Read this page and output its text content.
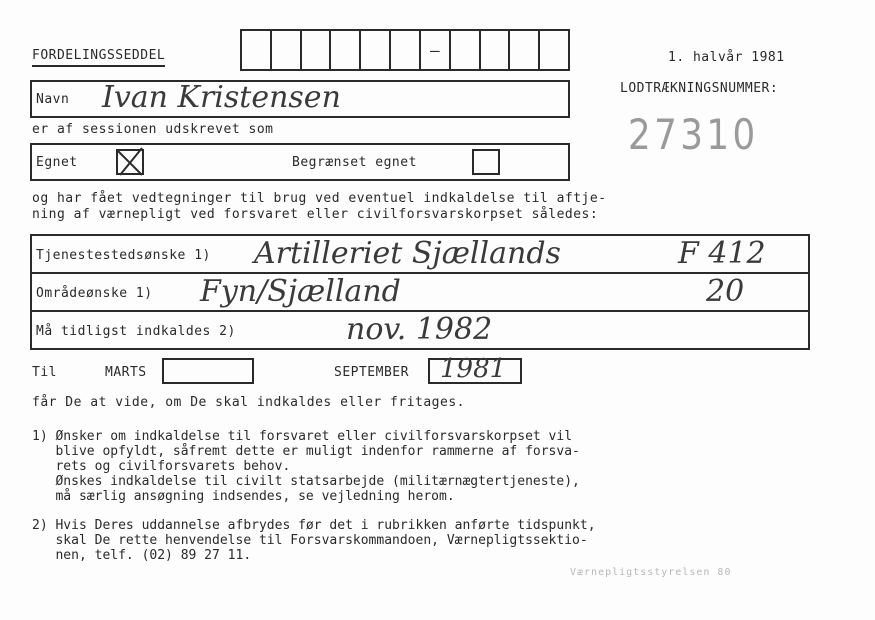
FORDELINGSSEDDEL	–	1. halvår 1981
LODTRÆKNINGSNUMMER:
27310
Navn Ivan Kristensen
er af sessionen udskrevet som
Egnet	Begrænset egnet
og har fået vedtegninger til brug ved eventuel indkaldelse til aftje-
ning af værnepligt ved forsvaret eller civilforsvarskorpset således:
Tjenestestedsønske 1) Artilleriet Sjællands	F 412
Områdeønske 1) Fyn/Sjælland	20
Må tidligst indkaldes 2)	nov. 1982
Til	MARTS	SEPTEMBER 1981
får De at vide, om De skal indkaldes eller fritages.
1) Ønsker om indkaldelse til forsvaret eller civilforsvarskorpset vil
blive opfyldt, såfremt dette er muligt indenfor rammerne af forsva-
rets og civilforsvarets behov.
Ønskes indkaldelse til civilt statsarbejde (militærnægtertjeneste),
må særlig ansøgning indsendes, se vejledning herom.
2) Hvis Deres uddannelse afbrydes før det i rubrikken anførte tidspunkt,
skal De rette henvendelse til Forsvarskommandoen, Værnepligtssektio-
nen, telf. (02) 89 27 11.
Værnepligtsstyrelsen 80
